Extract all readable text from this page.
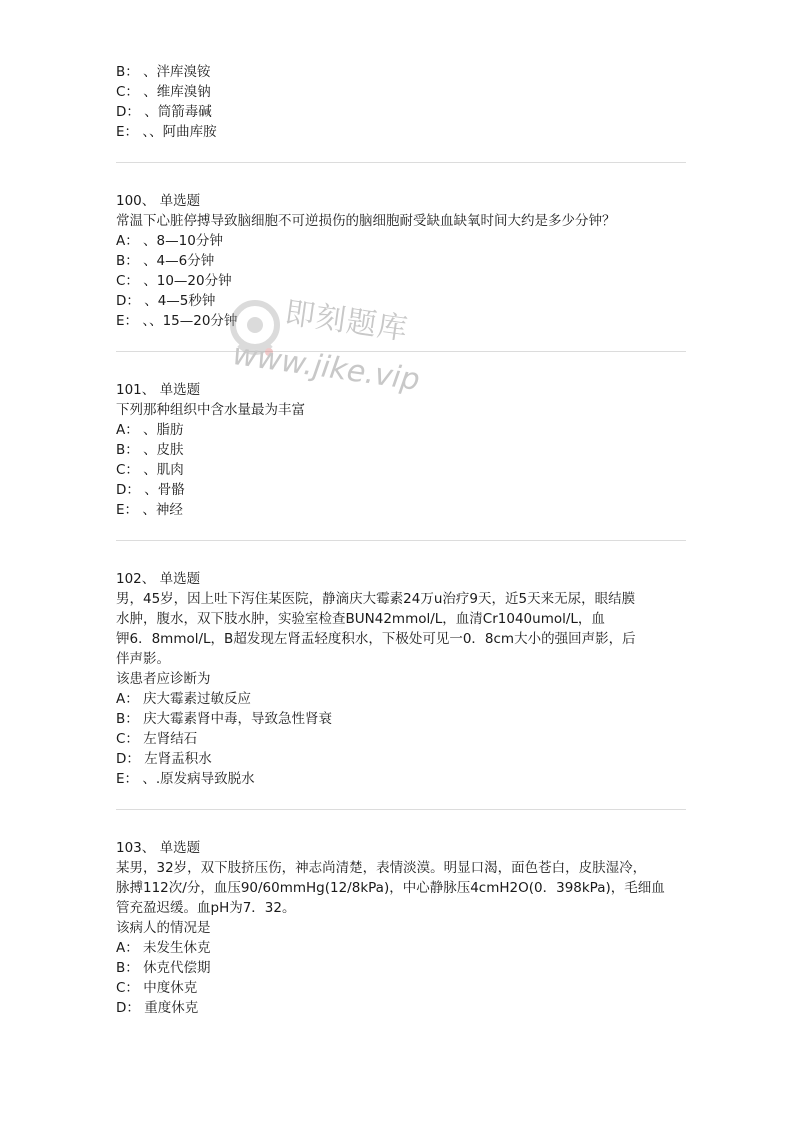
B： 、泮库溴铵
C： 、维库溴钠
D： 、筒箭毒碱
E： 、、阿曲库胺
100、 单选题
常温下心脏停搏导致脑细胞不可逆损伤的脑细胞耐受缺血缺氧时间大约是多少分钟？
A： 、8—10分钟
B： 、4—6分钟
C： 、10—20分钟
D： 、4—5秒钟
E： 、、15—20分钟
101、 单选题
下列那种组织中含水量最为丰富
A： 、脂肪
B： 、皮肤
C： 、肌肉
D： 、骨骼
E： 、神经
102、 单选题
男，45岁，因上吐下泻住某医院，静滴庆大霉素24万u治疗9天，近5天来无尿，眼结膜
水肿，腹水，双下肢水肿，实验室检查BUN42mmol/L，血清Cr1040umol/L，血
钾6．8mmol/L，B超发现左肾盂轻度积水，下极处可见一0．8cm大小的强回声影，后
伴声影。
该患者应诊断为
A： 庆大霉素过敏反应
B： 庆大霉素肾中毒，导致急性肾衰
C： 左肾结石
D： 左肾盂积水
E： 、.原发病导致脱水
103、 单选题
某男，32岁，双下肢挤压伤，神志尚清楚，表情淡漠。明显口渴，面色苍白，皮肤湿冷，
脉搏112次/分，血压90/60mmHg(12/8kPa)，中心静脉压4cmH2O(0．398kPa)，毛细血
管充盈迟缓。血pH为7．32。
该病人的情况是
A： 未发生休克
B： 休克代偿期
C： 中度休克
D： 重度休克
即刻题库
www.jike.vip
